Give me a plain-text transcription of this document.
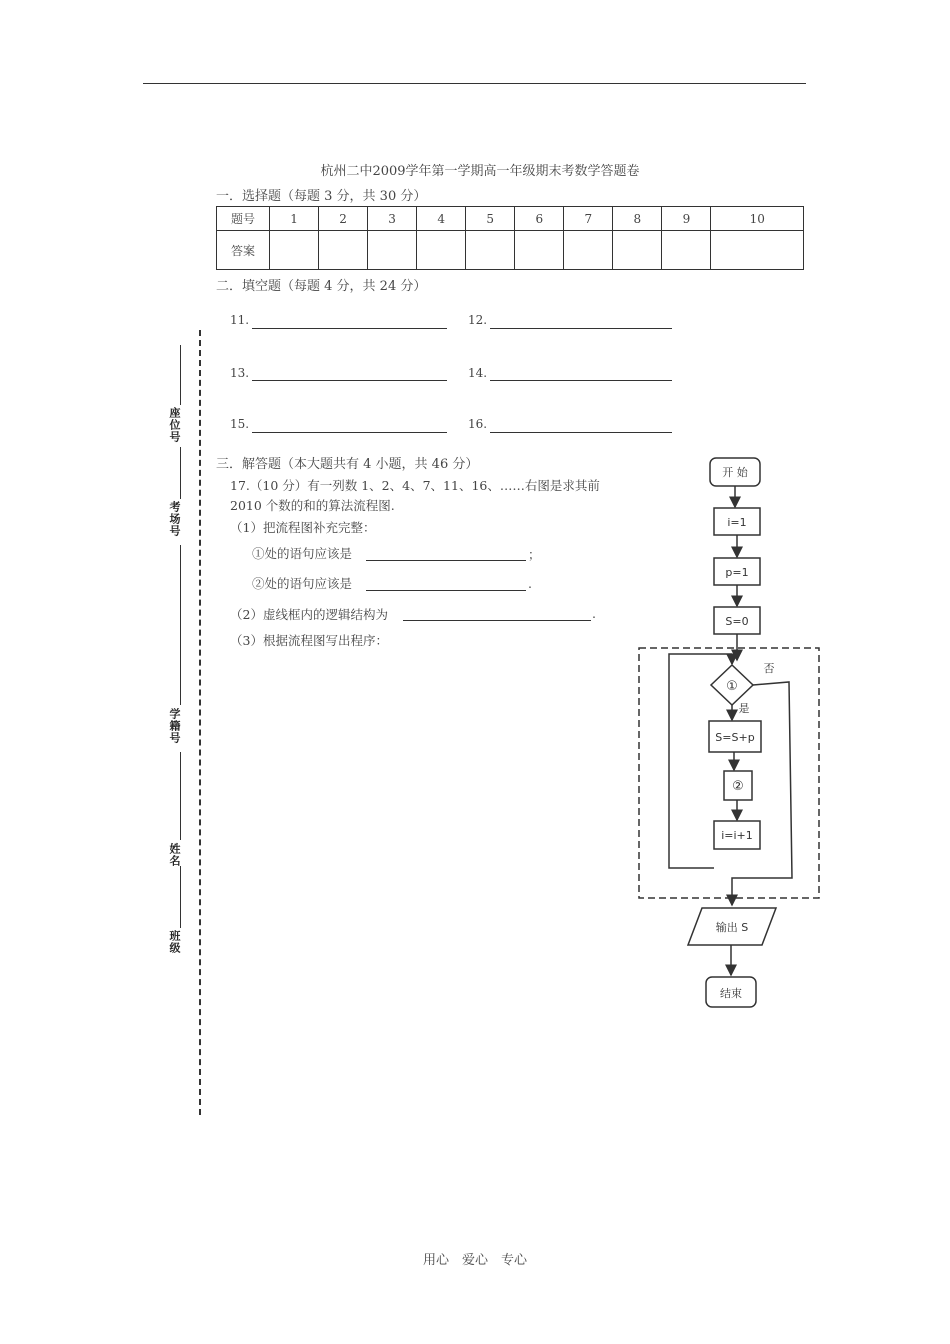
杭州二中2009学年第一学期高一年级期末考数学答题卷
一．选择题（每题 3 分，共 30 分）
题号	1	2	3	4	5	6	7	8	9	10
答案										
二．填空题（每题 4 分，共 24 分）
11.	12.
13.	14.
15.	16.
三．解答题（本大题共有 4 小题，共 46 分）
17.（10 分）有一列数 1、2、4、7、11、16、……右图是求其前
2010 个数的和的算法流程图.
（1）把流程图补充完整：
①处的语句应该是	；
②处的语句应该是	.
（2）虚线框内的逻辑结构为	.
（3）根据流程图写出程序：
座位号
考场号
学籍号
姓名
班级
开 始
i=1
p=1
S=0
①
否
是
S=S+p
②
i=i+1
输出 S
结束
用心　爱心　专心
